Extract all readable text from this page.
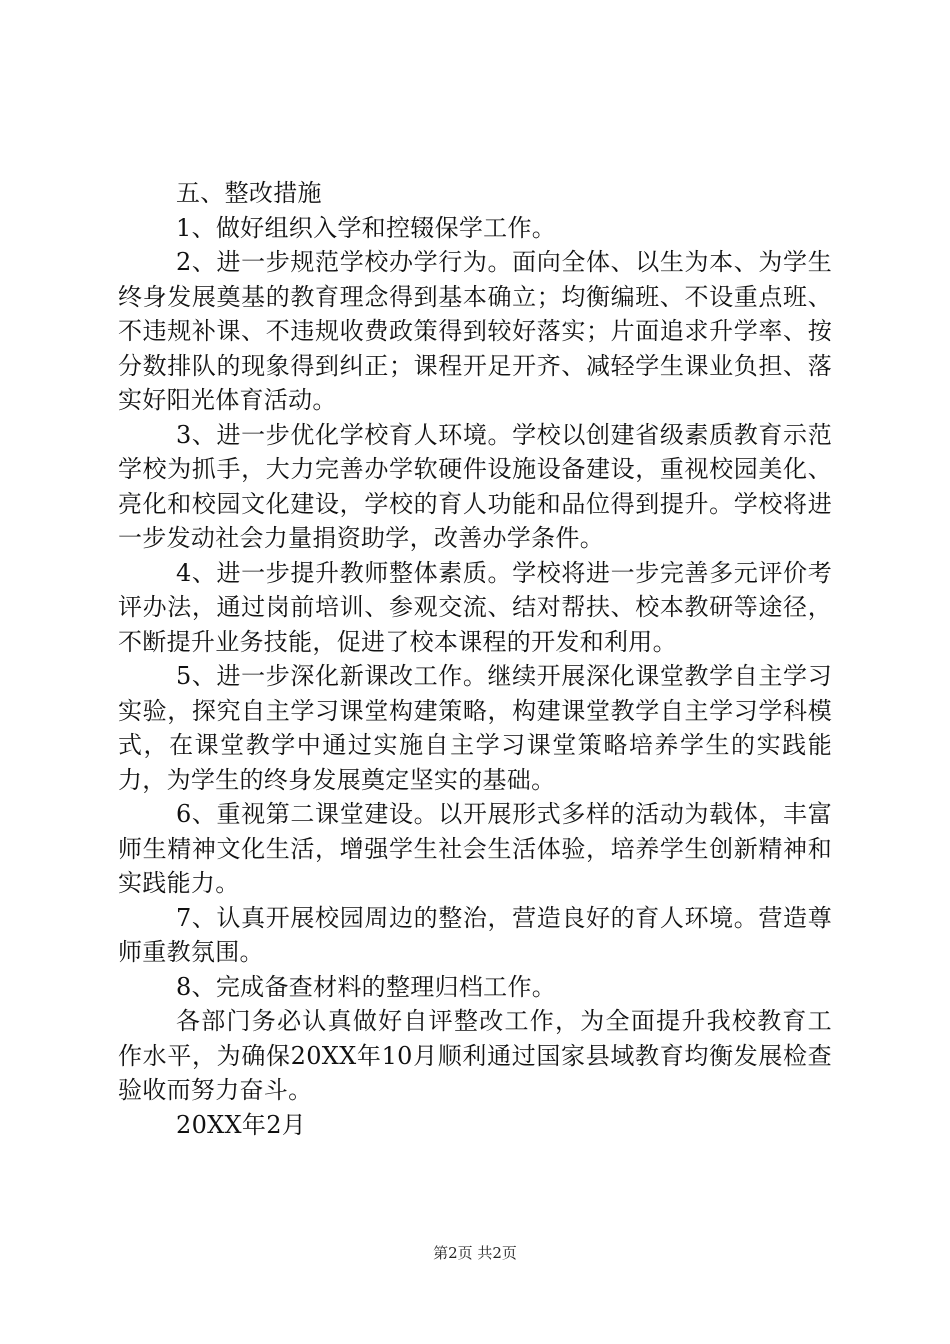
五、整改措施

1、做好组织入学和控辍保学工作。

2、进一步规范学校办学行为。面向全体、以生为本、为学生终身发展奠基的教育理念得到基本确立；均衡编班、不设重点班、不违规补课、不违规收费政策得到较好落实；片面追求升学率、按分数排队的现象得到纠正；课程开足开齐、减轻学生课业负担、落实好阳光体育活动。

3、进一步优化学校育人环境。学校以创建省级素质教育示范学校为抓手，大力完善办学软硬件设施设备建设，重视校园美化、亮化和校园文化建设，学校的育人功能和品位得到提升。学校将进一步发动社会力量捐资助学，改善办学条件。

4、进一步提升教师整体素质。学校将进一步完善多元评价考评办法，通过岗前培训、参观交流、结对帮扶、校本教研等途径，不断提升业务技能，促进了校本课程的开发和利用。

5、进一步深化新课改工作。继续开展深化课堂教学自主学习实验，探究自主学习课堂构建策略，构建课堂教学自主学习学科模式，在课堂教学中通过实施自主学习课堂策略培养学生的实践能力，为学生的终身发展奠定坚实的基础。

6、重视第二课堂建设。以开展形式多样的活动为载体，丰富师生精神文化生活，增强学生社会生活体验，培养学生创新精神和实践能力。

7、认真开展校园周边的整治，营造良好的育人环境。营造尊师重教氛围。

8、完成备查材料的整理归档工作。

各部门务必认真做好自评整改工作，为全面提升我校教育工作水平，为确保20XX年10月顺利通过国家县域教育均衡发展检查验收而努力奋斗。

20XX年2月

第2页 共2页
